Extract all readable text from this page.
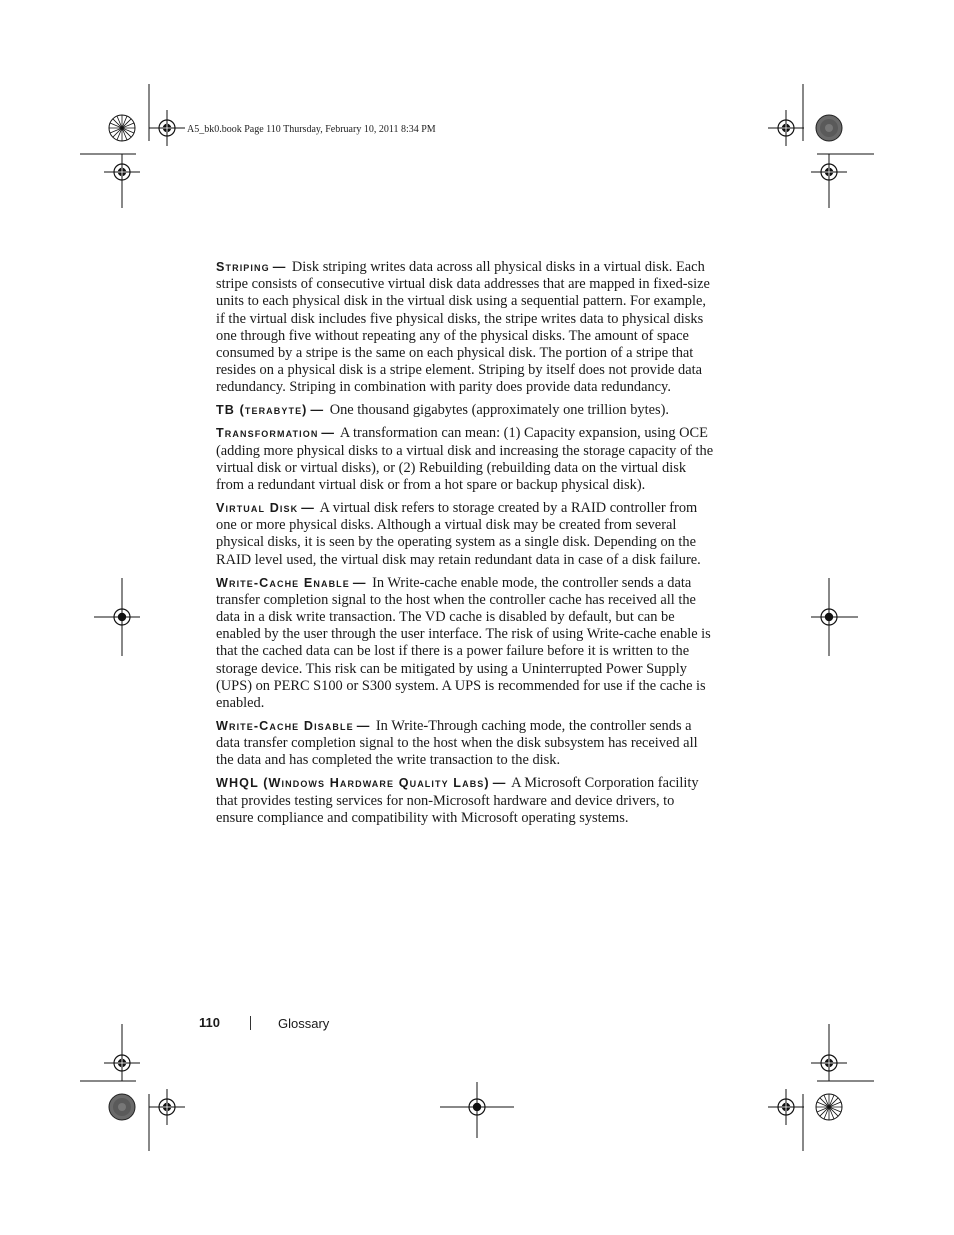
A5_bk0.book Page 110 Thursday, February 10, 2011 8:34 PM

Striping — Disk striping writes data across all physical disks in a virtual disk. Each stripe consists of consecutive virtual disk data addresses that are mapped in fixed-size units to each physical disk in the virtual disk using a sequential pattern. For example, if the virtual disk includes five physical disks, the stripe writes data to physical disks one through five without repeating any of the physical disks. The amount of space consumed by a stripe is the same on each physical disk. The portion of a stripe that resides on a physical disk is a stripe element. Striping by itself does not provide data redundancy. Striping in combination with parity does provide data redundancy.

TB (terabyte) — One thousand gigabytes (approximately one trillion bytes).

Transformation — A transformation can mean: (1) Capacity expansion, using OCE (adding more physical disks to a virtual disk and increasing the storage capacity of the virtual disk or virtual disks), or (2) Rebuilding (rebuilding data on the virtual disk from a redundant virtual disk or from a hot spare or backup physical disk).

Virtual Disk — A virtual disk refers to storage created by a RAID controller from one or more physical disks. Although a virtual disk may be created from several physical disks, it is seen by the operating system as a single disk. Depending on the RAID level used, the virtual disk may retain redundant data in case of a disk failure.

Write-Cache Enable — In Write-cache enable mode, the controller sends a data transfer completion signal to the host when the controller cache has received all the data in a disk write transaction. The VD cache is disabled by default, but can be enabled by the user through the user interface. The risk of using Write-cache enable is that the cached data can be lost if there is a power failure before it is written to the storage device. This risk can be mitigated by using a Uninterrupted Power Supply (UPS) on PERC S100 or S300 system. A UPS is recommended for use if the cache is enabled.

Write-Cache Disable — In Write-Through caching mode, the controller sends a data transfer completion signal to the host when the disk subsystem has received all the data and has completed the write transaction to the disk.

WHQL (Windows Hardware Quality Labs) — A Microsoft Corporation facility that provides testing services for non-Microsoft hardware and device drivers, to ensure compliance and compatibility with Microsoft operating systems.

110	Glossary
